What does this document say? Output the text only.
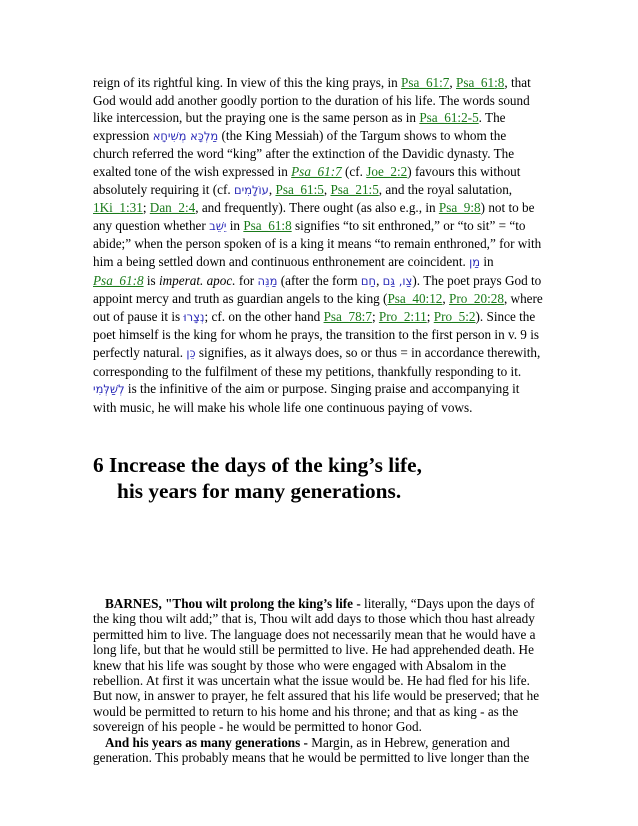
reign of its rightful king. In view of this the king prays, in Psa_61:7, Psa_61:8, that God would add another goodly portion to the duration of his life. The words sound like intercession, but the praying one is the same person as in Psa_61:2-5. The expression מַלְכָּא מְשִׁיחָא (the King Messiah) of the Targum shows to whom the church referred the word “king” after the extinction of the Davidic dynasty. The exalted tone of the wish expressed in Psa_61:7 (cf. Joe_2:2) favours this without absolutely requiring it (cf. עוֹלָמִים, Psa_61:5, Psa_21:5, and the royal salutation, 1Ki_1:31; Dan_2:4, and frequently). There ought (as also e.g., in Psa_9:8) not to be any question whether יֵשֵׁב in Psa_61:8 signifies “to sit enthroned,” or “to sit” = “to abide;” when the person spoken of is a king it means “to remain enthroned,” for with him a being settled down and continuous enthronement are coincident. מַן in Psa_61:8 is imperat. apoc. for מַנֵּה (after the form חַם, צַו, גַּם). The poet prays God to appoint mercy and truth as guardian angels to the king (Psa_40:12, Pro_20:28, where out of pause it is נְצָרוּ; cf. on the other hand Psa_78:7; Pro_2:11; Pro_5:2). Since the poet himself is the king for whom he prays, the transition to the first person in v. 9 is perfectly natural. כֵּן signifies, as it always does, so or thus = in accordance therewith, corresponding to the fulfilment of these my petitions, thankfully responding to it. לְשַׁלְּמִי is the infinitive of the aim or purpose. Singing praise and accompanying it with music, he will make his whole life one continuous paying of vows.

6 Increase the days of the king’s life,
his years for many generations.

BARNES, "Thou wilt prolong the king’s life - literally, “Days upon the days of the king thou wilt add;” that is, Thou wilt add days to those which thou hast already permitted him to live. The language does not necessarily mean that he would have a long life, but that he would still be permitted to live. He had apprehended death. He knew that his life was sought by those who were engaged with Absalom in the rebellion. At first it was uncertain what the issue would be. He had fled for his life. But now, in answer to prayer, he felt assured that his life would be preserved; that he would be permitted to return to his home and his throne; and that as king - as the sovereign of his people - he would be permitted to honor God.

And his years as many generations - Margin, as in Hebrew, generation and generation. This probably means that he would be permitted to live longer than the
